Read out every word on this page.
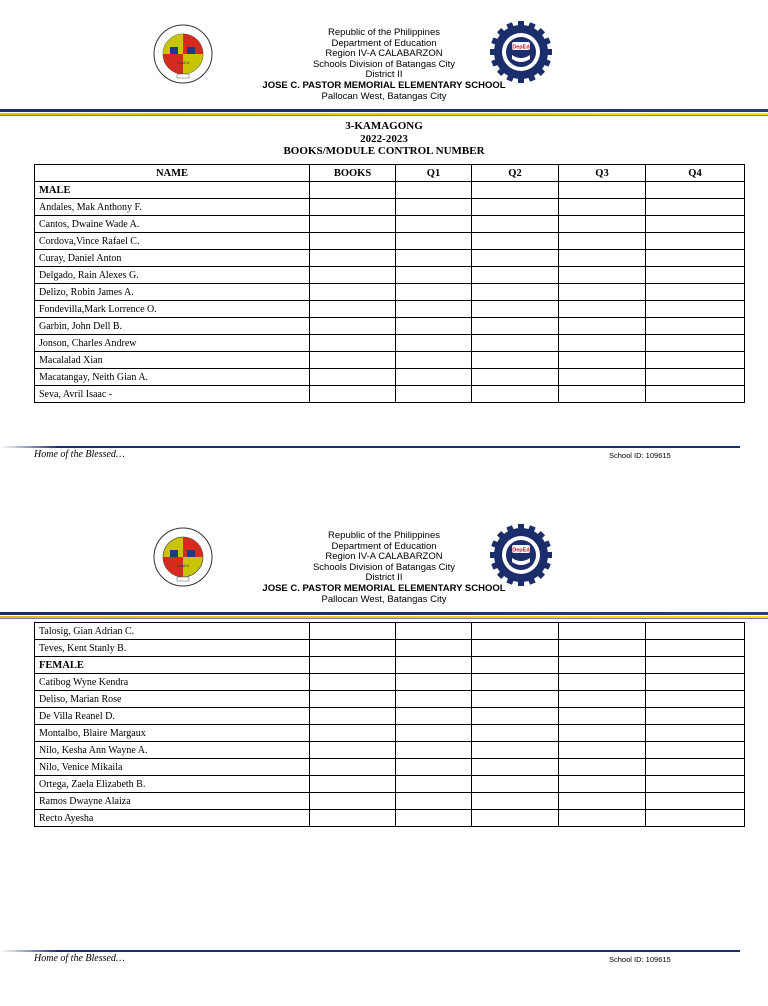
DepEd
Republic of the Philippines
Department of Education
Region IV-A CALABARZON
Schools Division of Batangas City
District II
JOSE C. PASTOR MEMORIAL ELEMENTARY SCHOOL
Pallocan West, Batangas City
DepEd
3-KAMAGONG
2022-2023
BOOKS/MODULE CONTROL NUMBER
NAME	BOOKS	Q1	Q2	Q3	Q4
MALE					
Andales, Mak Anthony F.					
Cantos, Dwaine Wade A.					
Cordova,Vince Rafael C.					
Curay, Daniel Anton					
Delgado, Rain Alexes G.					
Delizo, Robin James A.					
Fondevilla,Mark Lorrence O.					
Garbin, John Dell B.					
Jonson, Charles Andrew					
Macalalad Xian					
Macatangay, Neith Gian A.					
Seva, Avril Isaac -					
Home of the Blessed…	School ID: 109615
DepEd
Republic of the Philippines
Department of Education
Region IV-A CALABARZON
Schools Division of Batangas City
District II
JOSE C. PASTOR MEMORIAL ELEMENTARY SCHOOL
Pallocan West, Batangas City
DepEd
Talosig, Gian Adrian C.					
Teves, Kent Stanly B.					
FEMALE					
Catibog Wyne Kendra					
Deliso, Marian Rose					
De Villa Reanel D.					
Montalbo, Blaire Margaux					
Nilo, Kesha Ann Wayne A.					
Nilo, Venice Mikaila					
Ortega, Zaela Elizabeth B.					
Ramos Dwayne Alaiza					
Recto Ayesha					
Home of the Blessed…	School ID: 109615
